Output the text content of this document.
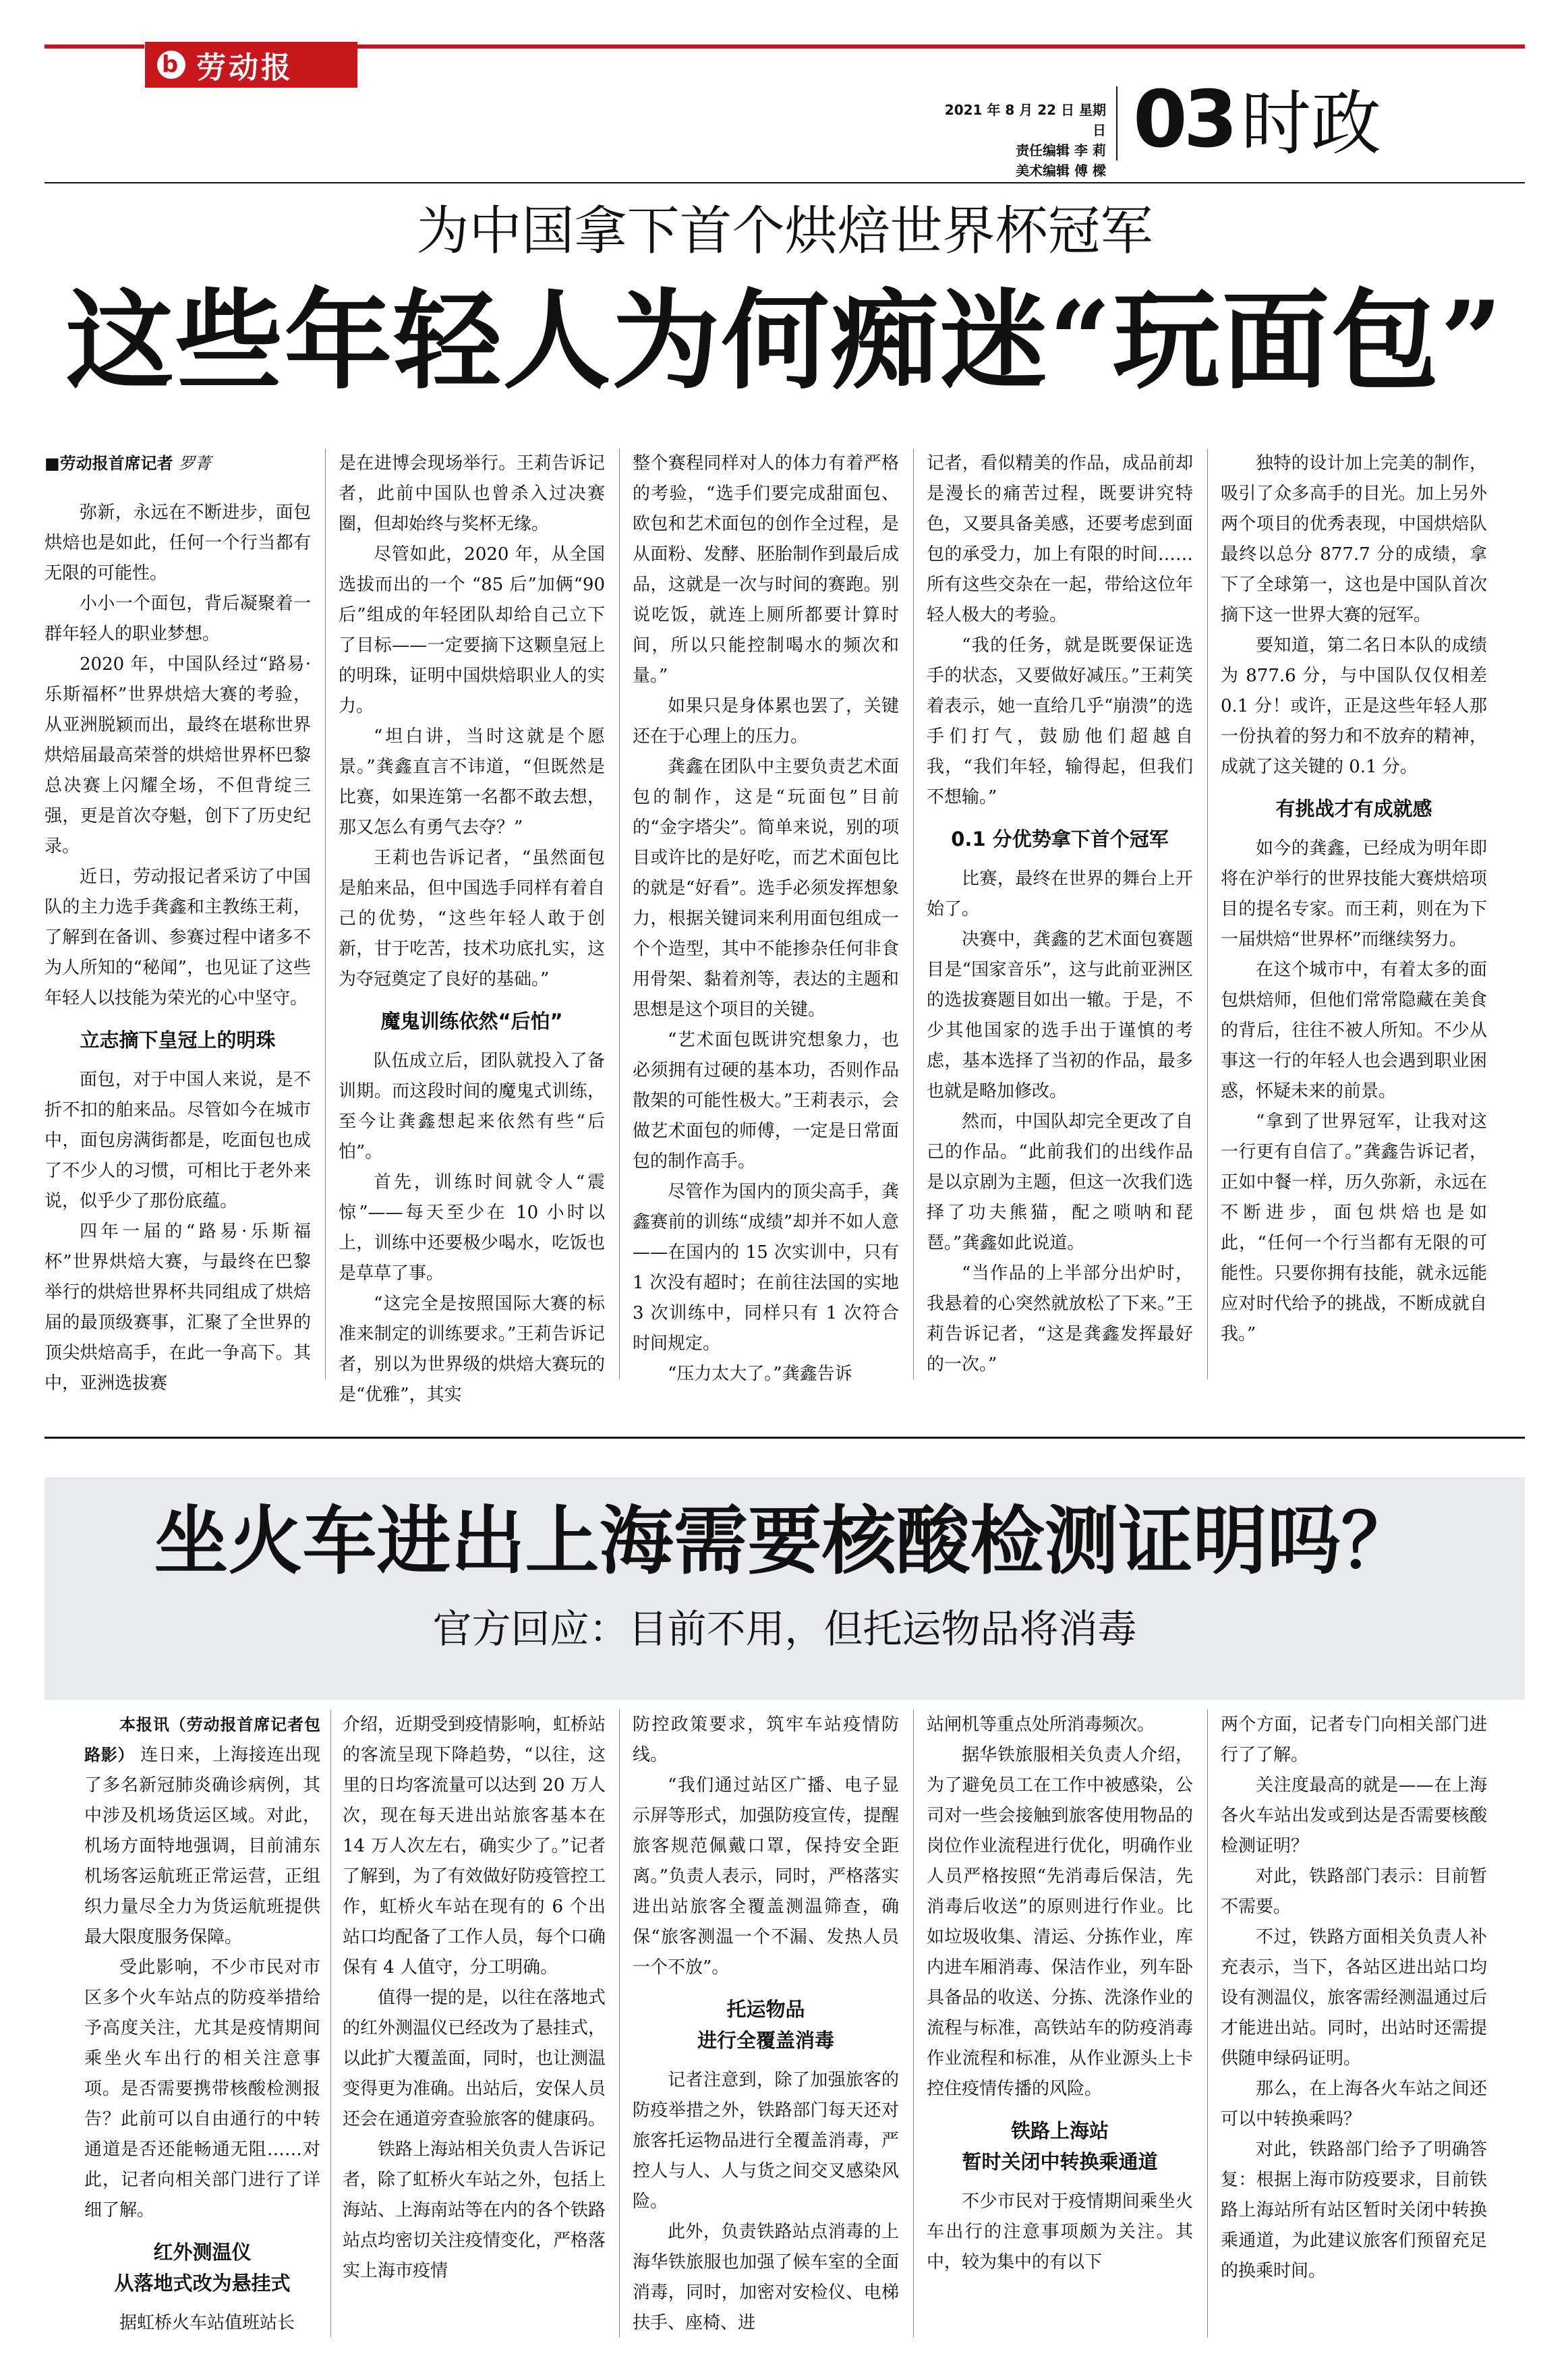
b 劳动报
2021 年 8 月 22 日 星期日
责任编辑 李 莉
美术编辑 傅 樑
03 时政
为中国拿下首个烘焙世界杯冠军
这些年轻人为何痴迷“玩面包”

■劳动报首席记者 罗菁

弥新，永远在不断进步，面包烘焙也是如此，任何一个行当都有无限的可能性。

小小一个面包，背后凝聚着一群年轻人的职业梦想。

2020 年，中国队经过“路易·乐斯福杯”世界烘焙大赛的考验，从亚洲脱颖而出，最终在堪称世界烘焙届最高荣誉的烘焙世界杯巴黎总决赛上闪耀全场，不但背绽三强，更是首次夺魁，创下了历史纪录。

近日，劳动报记者采访了中国队的主力选手龚鑫和主教练王莉，了解到在备训、参赛过程中诸多不为人所知的“秘闻”，也见证了这些年轻人以技能为荣光的心中坚守。

立志摘下皇冠上的明珠

面包，对于中国人来说，是不折不扣的舶来品。尽管如今在城市中，面包房满街都是，吃面包也成了不少人的习惯，可相比于老外来说，似乎少了那份底蕴。

四年一届的“路易·乐斯福杯”世界烘焙大赛，与最终在巴黎举行的烘焙世界杯共同组成了烘焙届的最顶级赛事，汇聚了全世界的顶尖烘焙高手，在此一争高下。其中，亚洲选拔赛

是在进博会现场举行。王莉告诉记者，此前中国队也曾杀入过决赛圈，但却始终与奖杯无缘。

尽管如此，2020 年，从全国选拔而出的一个 “85 后”加俩“90 后”组成的年轻团队却给自己立下了目标——一定要摘下这颗皇冠上的明珠，证明中国烘焙职业人的实力。

“坦白讲，当时这就是个愿景。”龚鑫直言不讳道，“但既然是比赛，如果连第一名都不敢去想，那又怎么有勇气去夺？”

王莉也告诉记者，“虽然面包是舶来品，但中国选手同样有着自己的优势，“这些年轻人敢于创新，甘于吃苦，技术功底扎实，这为夺冠奠定了良好的基础。”

魔鬼训练依然“后怕”

队伍成立后，团队就投入了备训期。而这段时间的魔鬼式训练，至今让龚鑫想起来依然有些“后怕”。

首先，训练时间就令人“震惊”——每天至少在 10 小时以上，训练中还要极少喝水，吃饭也是草草了事。

“这完全是按照国际大赛的标准来制定的训练要求。”王莉告诉记者，别以为世界级的烘焙大赛玩的是“优雅”，其实

整个赛程同样对人的体力有着严格的考验，“选手们要完成甜面包、欧包和艺术面包的创作全过程，是从面粉、发酵、胚胎制作到最后成品，这就是一次与时间的赛跑。别说吃饭，就连上厕所都要计算时间，所以只能控制喝水的频次和量。”

如果只是身体累也罢了，关键还在于心理上的压力。

龚鑫在团队中主要负责艺术面包的制作，这是“玩面包”目前的“金字塔尖”。简单来说，别的项目或许比的是好吃，而艺术面包比的就是“好看”。选手必须发挥想象力，根据关键词来利用面包组成一个个造型，其中不能掺杂任何非食用骨架、黏着剂等，表达的主题和思想是这个项目的关键。

“艺术面包既讲究想象力，也必须拥有过硬的基本功，否则作品散架的可能性极大。”王莉表示，会做艺术面包的师傅，一定是日常面包的制作高手。

尽管作为国内的顶尖高手，龚鑫赛前的训练“成绩”却并不如人意——在国内的 15 次实训中，只有 1 次没有超时；在前往法国的实地 3 次训练中，同样只有 1 次符合时间规定。

“压力太大了。”龚鑫告诉

记者，看似精美的作品，成品前却是漫长的痛苦过程，既要讲究特色，又要具备美感，还要考虑到面包的承受力，加上有限的时间……所有这些交杂在一起，带给这位年轻人极大的考验。

“我的任务，就是既要保证选手的状态，又要做好减压。”王莉笑着表示，她一直给几乎“崩溃”的选手们打气，鼓励他们超越自我，“我们年轻，输得起，但我们不想输。”

0.1 分优势拿下首个冠军

比赛，最终在世界的舞台上开始了。

决赛中，龚鑫的艺术面包赛题目是“国家音乐”，这与此前亚洲区的选拔赛题目如出一辙。于是，不少其他国家的选手出于谨慎的考虑，基本选择了当初的作品，最多也就是略加修改。

然而，中国队却完全更改了自己的作品。“此前我们的出线作品是以京剧为主题，但这一次我们选择了功夫熊猫，配之唢呐和琵琶。”龚鑫如此说道。

“当作品的上半部分出炉时，我悬着的心突然就放松了下来。”王莉告诉记者，“这是龚鑫发挥最好的一次。”

独特的设计加上完美的制作，吸引了众多高手的目光。加上另外两个项目的优秀表现，中国烘焙队最终以总分 877.7 分的成绩，拿下了全球第一，这也是中国队首次摘下这一世界大赛的冠军。

要知道，第二名日本队的成绩为 877.6 分，与中国队仅仅相差 0.1 分！或许，正是这些年轻人那一份执着的努力和不放弃的精神，成就了这关键的 0.1 分。

有挑战才有成就感

如今的龚鑫，已经成为明年即将在沪举行的世界技能大赛烘焙项目的提名专家。而王莉，则在为下一届烘焙“世界杯”而继续努力。

在这个城市中，有着太多的面包烘焙师，但他们常常隐藏在美食的背后，往往不被人所知。不少从事这一行的年轻人也会遇到职业困惑，怀疑未来的前景。

“拿到了世界冠军，让我对这一行更有自信了。”龚鑫告诉记者，正如中餐一样，历久弥新，永远在不断进步，面包烘焙也是如此，“任何一个行当都有无限的可能性。只要你拥有技能，就永远能应对时代给予的挑战，不断成就自我。”

坐火车进出上海需要核酸检测证明吗？
官方回应：目前不用，但托运物品将消毒

本报讯（劳动报首席记者包路影） 连日来，上海接连出现了多名新冠肺炎确诊病例，其中涉及机场货运区域。对此，机场方面特地强调，目前浦东机场客运航班正常运营，正组织力量尽全力为货运航班提供最大限度服务保障。

受此影响，不少市民对市区多个火车站点的防疫举措给予高度关注，尤其是疫情期间乘坐火车出行的相关注意事项。是否需要携带核酸检测报告？此前可以自由通行的中转通道是否还能畅通无阻……对此，记者向相关部门进行了详细了解。

红外测温仪
从落地式改为悬挂式

据虹桥火车站值班站长

介绍，近期受到疫情影响，虹桥站的客流呈现下降趋势，“以往，这里的日均客流量可以达到 20 万人次，现在每天进出站旅客基本在 14 万人次左右，确实少了。”记者了解到，为了有效做好防疫管控工作，虹桥火车站在现有的 6 个出站口均配备了工作人员，每个口确保有 4 人值守，分工明确。

值得一提的是，以往在落地式的红外测温仪已经改为了悬挂式，以此扩大覆盖面，同时，也让测温变得更为准确。出站后，安保人员还会在通道旁查验旅客的健康码。

铁路上海站相关负责人告诉记者，除了虹桥火车站之外，包括上海站、上海南站等在内的各个铁路站点均密切关注疫情变化，严格落实上海市疫情

防控政策要求，筑牢车站疫情防线。

“我们通过站区广播、电子显示屏等形式，加强防疫宣传，提醒旅客规范佩戴口罩，保持安全距离。”负责人表示，同时，严格落实进出站旅客全覆盖测温筛查，确保“旅客测温一个不漏、发热人员一个不放”。

托运物品
进行全覆盖消毒

记者注意到，除了加强旅客的防疫举措之外，铁路部门每天还对旅客托运物品进行全覆盖消毒，严控人与人、人与货之间交叉感染风险。

此外，负责铁路站点消毒的上海华铁旅服也加强了候车室的全面消毒，同时，加密对安检仪、电梯扶手、座椅、进

站闸机等重点处所消毒频次。

据华铁旅服相关负责人介绍，为了避免员工在工作中被感染，公司对一些会接触到旅客使用物品的岗位作业流程进行优化，明确作业人员严格按照“先消毒后保洁，先消毒后收送”的原则进行作业。比如垃圾收集、清运、分拣作业，库内进车厢消毒、保洁作业，列车卧具备品的收送、分拣、洗涤作业的流程与标准，高铁站车的防疫消毒作业流程和标准，从作业源头上卡控住疫情传播的风险。

铁路上海站
暂时关闭中转换乘通道

不少市民对于疫情期间乘坐火车出行的注意事项颇为关注。其中，较为集中的有以下

两个方面，记者专门向相关部门进行了了解。

关注度最高的就是——在上海各火车站出发或到达是否需要核酸检测证明？

对此，铁路部门表示：目前暂不需要。

不过，铁路方面相关负责人补充表示，当下，各站区进出站口均设有测温仪，旅客需经测温通过后才能进出站。同时，出站时还需提供随申绿码证明。

那么，在上海各火车站之间还可以中转换乘吗？

对此，铁路部门给予了明确答复：根据上海市防疫要求，目前铁路上海站所有站区暂时关闭中转换乘通道，为此建议旅客们预留充足的换乘时间。
